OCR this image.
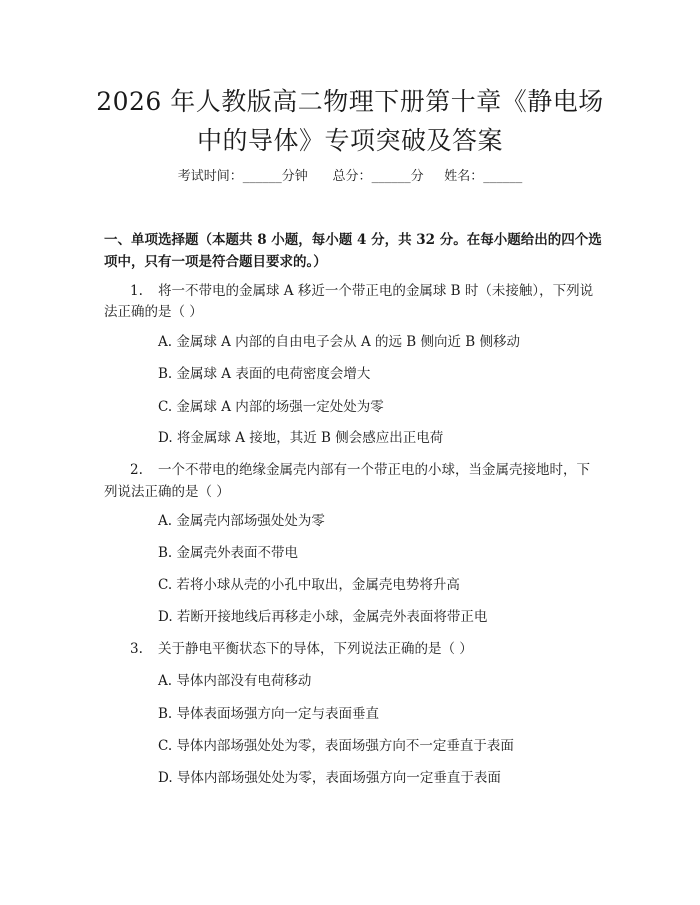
2026 年人教版高二物理下册第十章《静电场
中的导体》专项突破及答案
考试时间：______分钟 总分：______分 姓名：______
一、单项选择题（本题共 8 小题，每小题 4 分，共 32 分。在每小题给出的四个选
项中，只有一项是符合题目要求的。）
1. 将一不带电的金属球 A 移近一个带正电的金属球 B 时（未接触），下列说
法正确的是（ ）
A. 金属球 A 内部的自由电子会从 A 的远 B 侧向近 B 侧移动
B. 金属球 A 表面的电荷密度会增大
C. 金属球 A 内部的场强一定处处为零
D. 将金属球 A 接地，其近 B 侧会感应出正电荷
2. 一个不带电的绝缘金属壳内部有一个带正电的小球，当金属壳接地时，下
列说法正确的是（ ）
A. 金属壳内部场强处处为零
B. 金属壳外表面不带电
C. 若将小球从壳的小孔中取出，金属壳电势将升高
D. 若断开接地线后再移走小球，金属壳外表面将带正电
3. 关于静电平衡状态下的导体，下列说法正确的是（ ）
A. 导体内部没有电荷移动
B. 导体表面场强方向一定与表面垂直
C. 导体内部场强处处为零，表面场强方向不一定垂直于表面
D. 导体内部场强处处为零，表面场强方向一定垂直于表面
